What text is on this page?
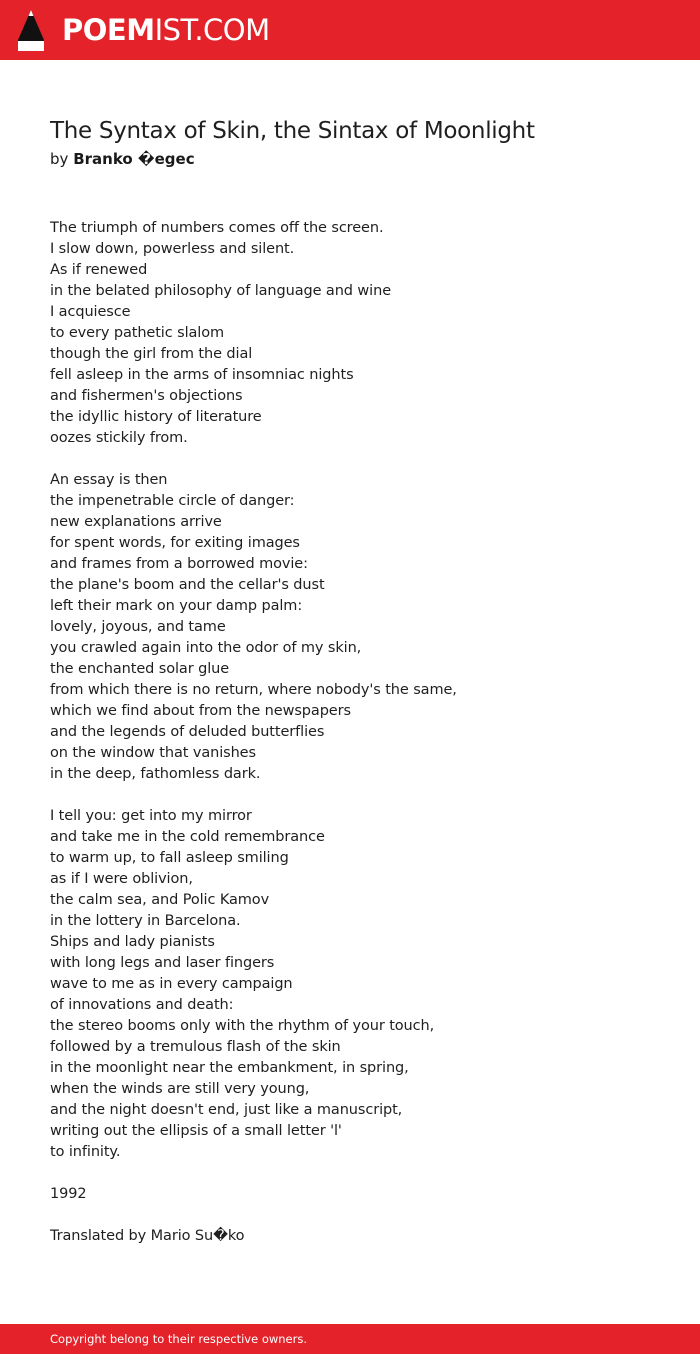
POEMIST.COM
The Syntax of Skin, the Sintax of Moonlight
by Branko �egec
The triumph of numbers comes off the screen.
I slow down, powerless and silent.
As if renewed
in the belated philosophy of language and wine
I acquiesce
to every pathetic slalom
though the girl from the dial
fell asleep in the arms of insomniac nights
and fishermen's objections
the idyllic history of literature
oozes stickily from.
An essay is then
the impenetrable circle of danger:
new explanations arrive
for spent words, for exiting images
and frames from a borrowed movie:
the plane's boom and the cellar's dust
left their mark on your damp palm:
lovely, joyous, and tame
you crawled again into the odor of my skin,
the enchanted solar glue
from which there is no return, where nobody's the same,
which we find about from the newspapers
and the legends of deluded butterflies
on the window that vanishes
in the deep, fathomless dark.
I tell you: get into my mirror
and take me in the cold remembrance
to warm up, to fall asleep smiling
as if I were oblivion,
the calm sea, and Polic Kamov
in the lottery in Barcelona.
Ships and lady pianists
with long legs and laser fingers
wave to me as in every campaign
of innovations and death:
the stereo booms only with the rhythm of your touch,
followed by a tremulous flash of the skin
in the moonlight near the embankment, in spring,
when the winds are still very young,
and the night doesn't end, just like a manuscript,
writing out the ellipsis of a small letter 'l'
to infinity.
1992
Translated by Mario Su�ko
Copyright belong to their respective owners.
